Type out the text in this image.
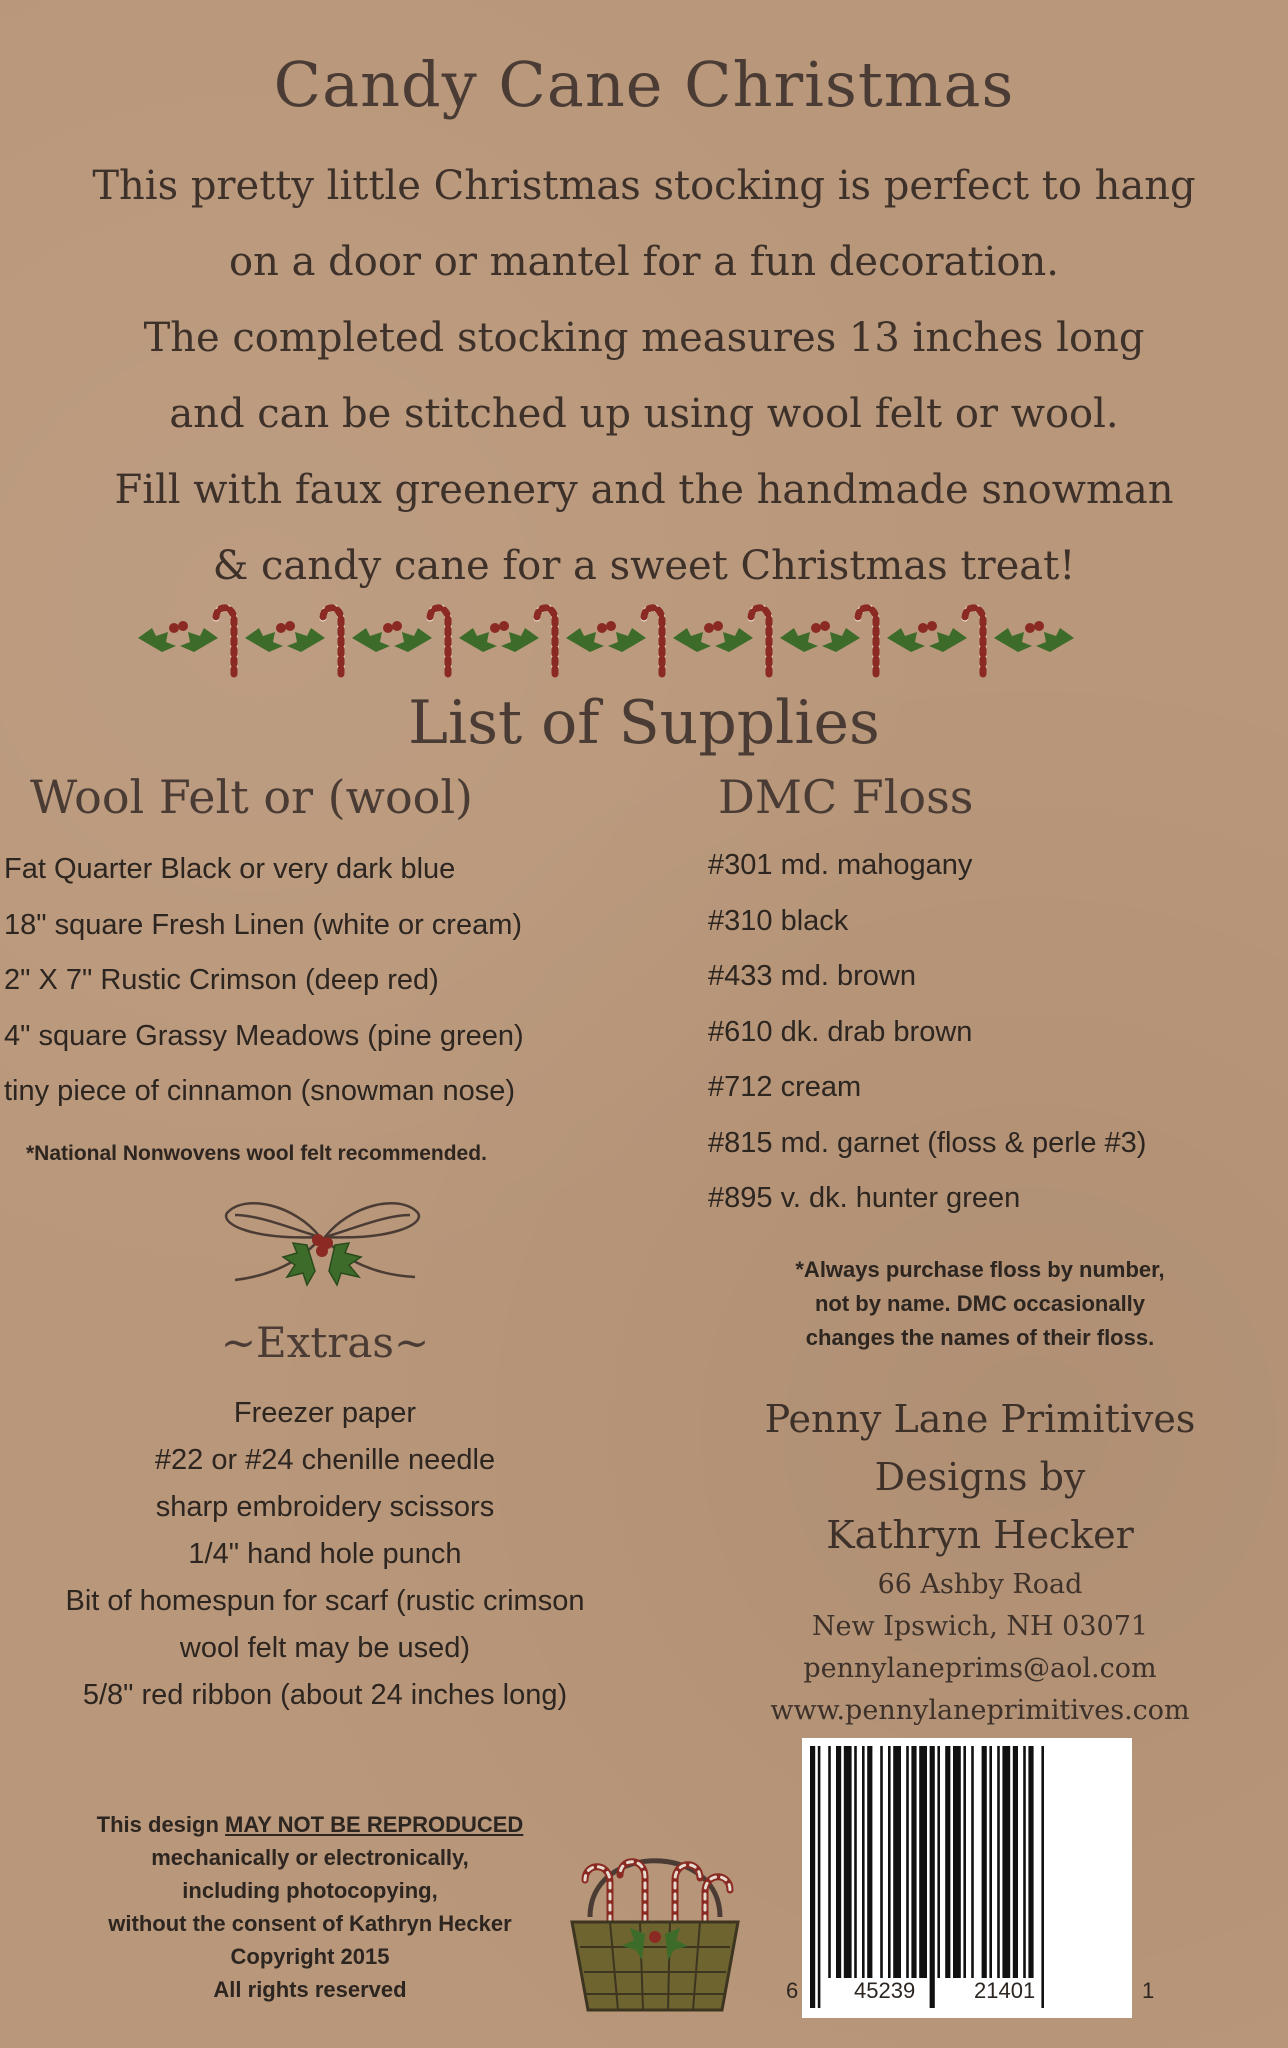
Candy Cane Christmas
This pretty little Christmas stocking is perfect to hang
on a door or mantel for a fun decoration.
The completed stocking measures 13 inches long
and can be stitched up using wool felt or wool.
Fill with faux greenery and the handmade snowman
& candy cane for a sweet Christmas treat!
List of Supplies
Wool Felt or (wool)
Fat Quarter Black or very dark blue
18" square Fresh Linen (white or cream)
2" X 7" Rustic Crimson (deep red)
4" square Grassy Meadows (pine green)
tiny piece of cinnamon (snowman nose)
*National Nonwovens wool felt recommended.
~Extras~
Freezer paper
#22 or #24 chenille needle
sharp embroidery scissors
1/4" hand hole punch
Bit of homespun for scarf (rustic crimson
wool felt may be used)
5/8" red ribbon (about 24 inches long)
DMC Floss
#301 md. mahogany
#310 black
#433 md. brown
#610 dk. drab brown
#712 cream
#815 md. garnet (floss & perle #3)
#895 v. dk. hunter green
*Always purchase floss by number,
not by name. DMC occasionally
changes the names of their floss.
Penny Lane Primitives
Designs by
Kathryn Hecker
66 Ashby Road
New Ipswich, NH 03071
pennylaneprims@aol.com
www.pennylaneprimitives.com
This design MAY NOT BE REPRODUCED
mechanically or electronically,
including photocopying,
without the consent of Kathryn Hecker
Copyright 2015
All rights reserved	6	45239	21401	1
